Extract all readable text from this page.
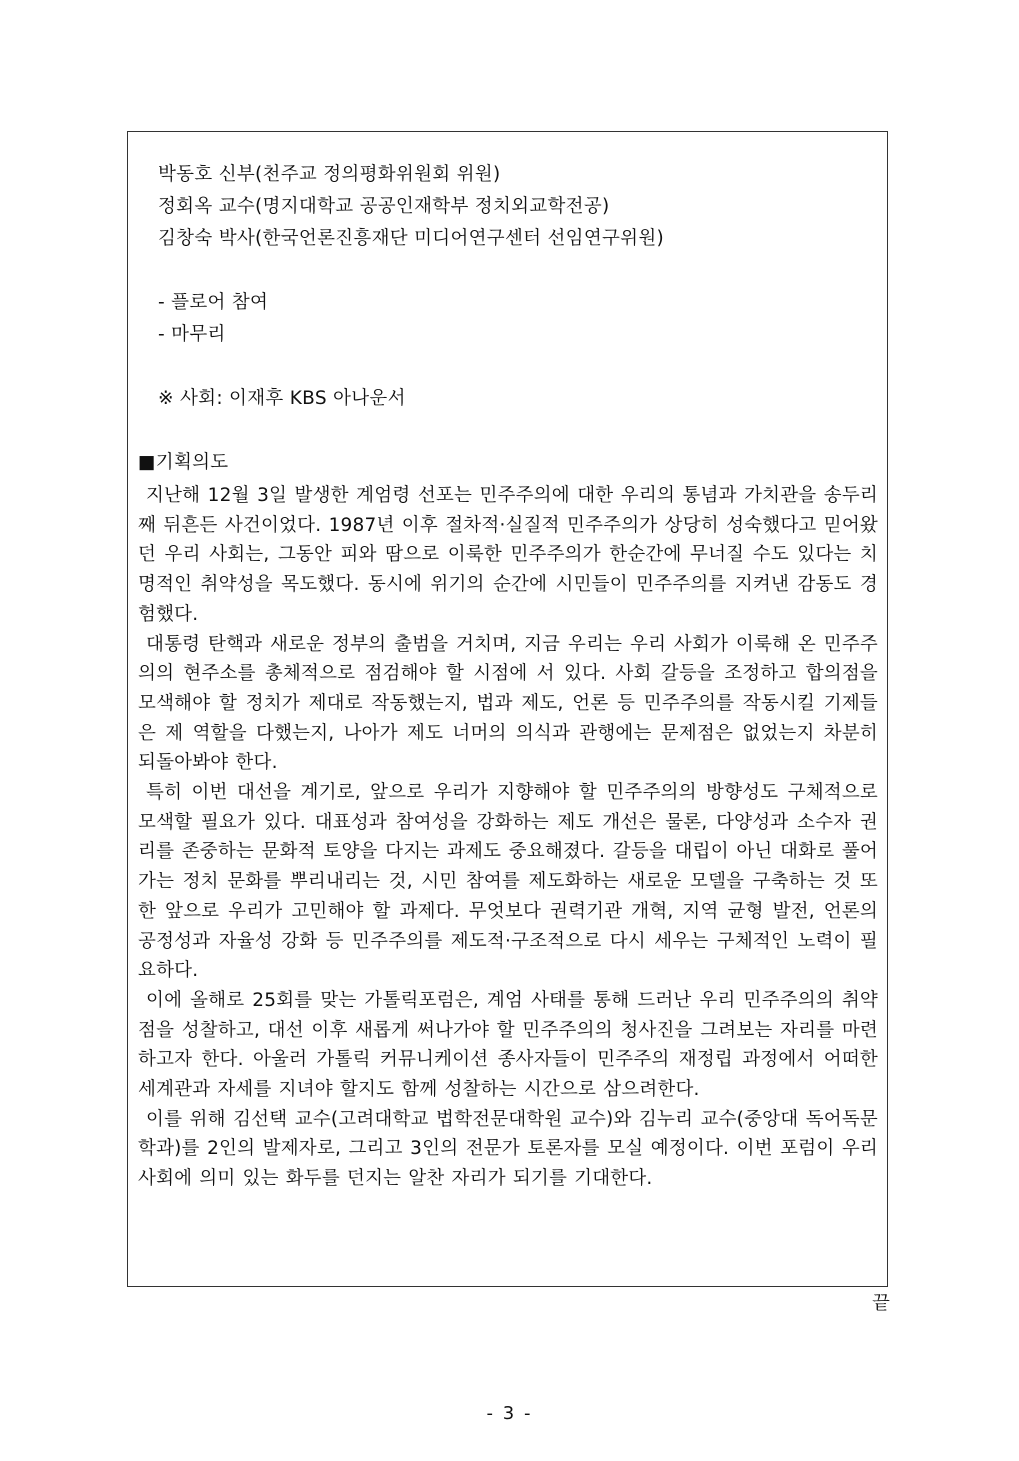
박동호 신부(천주교 정의평화위원회 위원)
정회옥 교수(명지대학교 공공인재학부 정치외교학전공)
김창숙 박사(한국언론진흥재단 미디어연구센터 선임연구위원)
- 플로어 참여
- 마무리
※ 사회: 이재후 KBS 아나운서
■기획의도

지난해 12월 3일 발생한 계엄령 선포는 민주주의에 대한 우리의 통념과 가치관을 송두리째 뒤흔든 사건이었다. 1987년 이후 절차적·실질적 민주주의가 상당히 성숙했다고 믿어왔던 우리 사회는, 그동안 피와 땀으로 이룩한 민주주의가 한순간에 무너질 수도 있다는 치명적인 취약성을 목도했다. 동시에 위기의 순간에 시민들이 민주주의를 지켜낸 감동도 경험했다.

대통령 탄핵과 새로운 정부의 출범을 거치며, 지금 우리는 우리 사회가 이룩해 온 민주주의의 현주소를 총체적으로 점검해야 할 시점에 서 있다. 사회 갈등을 조정하고 합의점을 모색해야 할 정치가 제대로 작동했는지, 법과 제도, 언론 등 민주주의를 작동시킬 기제들은 제 역할을 다했는지, 나아가 제도 너머의 의식과 관행에는 문제점은 없었는지 차분히 되돌아봐야 한다.

특히 이번 대선을 계기로, 앞으로 우리가 지향해야 할 민주주의의 방향성도 구체적으로 모색할 필요가 있다. 대표성과 참여성을 강화하는 제도 개선은 물론, 다양성과 소수자 권리를 존중하는 문화적 토양을 다지는 과제도 중요해졌다. 갈등을 대립이 아닌 대화로 풀어가는 정치 문화를 뿌리내리는 것, 시민 참여를 제도화하는 새로운 모델을 구축하는 것 또한 앞으로 우리가 고민해야 할 과제다. 무엇보다 권력기관 개혁, 지역 균형 발전, 언론의 공정성과 자율성 강화 등 민주주의를 제도적·구조적으로 다시 세우는 구체적인 노력이 필요하다.

이에 올해로 25회를 맞는 가톨릭포럼은, 계엄 사태를 통해 드러난 우리 민주주의의 취약점을 성찰하고, 대선 이후 새롭게 써나가야 할 민주주의의 청사진을 그려보는 자리를 마련하고자 한다. 아울러 가톨릭 커뮤니케이션 종사자들이 민주주의 재정립 과정에서 어떠한 세계관과 자세를 지녀야 할지도 함께 성찰하는 시간으로 삼으려한다.

이를 위해 김선택 교수(고려대학교 법학전문대학원 교수)와 김누리 교수(중앙대 독어독문학과)를 2인의 발제자로, 그리고 3인의 전문가 토론자를 모실 예정이다. 이번 포럼이 우리 사회에 의미 있는 화두를 던지는 알찬 자리가 되기를 기대한다.

끝
- 3 -
